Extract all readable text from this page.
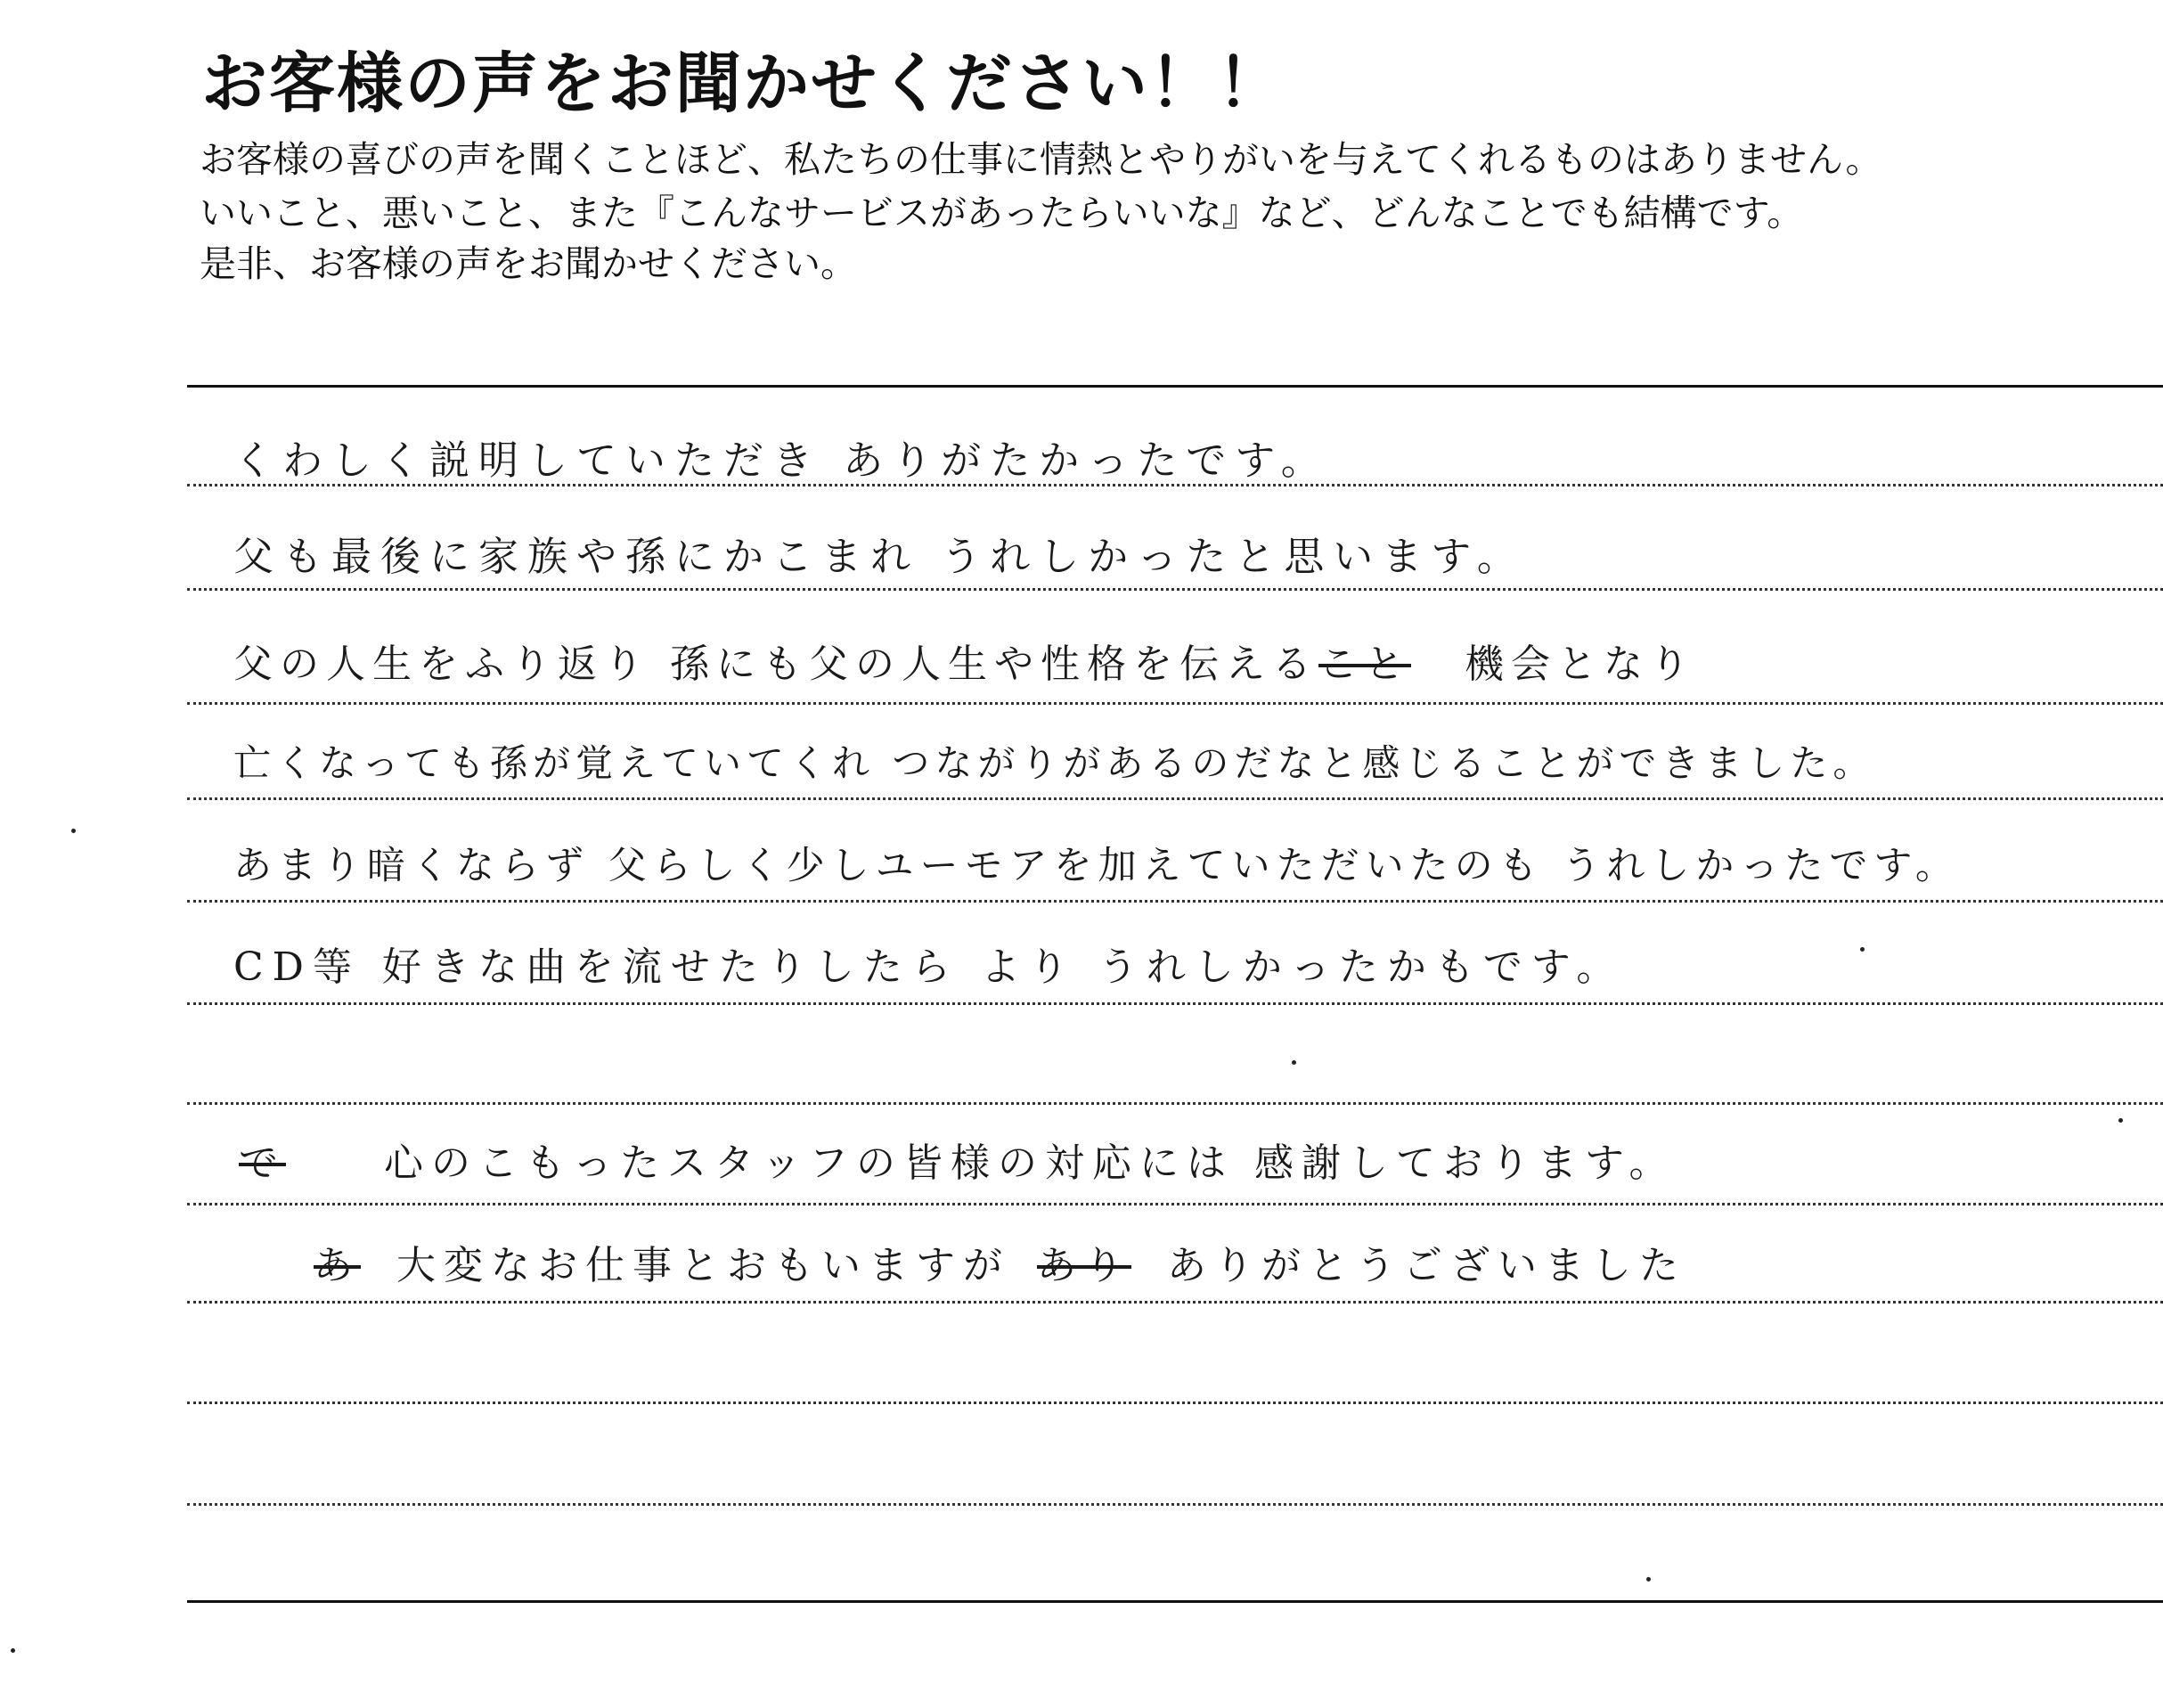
お客様の声をお聞かせください！！
お客様の喜びの声を聞くことほど、私たちの仕事に情熱とやりがいを与えてくれるものはありません。
いいこと、悪いこと、また『こんなサービスがあったらいいな』など、どんなことでも結構です。
是非、お客様の声をお聞かせください。
くわしく説明していただき ありがたかったです。
父も最後に家族や孫にかこまれ うれしかったと思います。
父の人生をふり返り 孫にも父の人生や性格を伝えること 機会となり
亡くなっても孫が覚えていてくれ つながりがあるのだなと感じることができました。
あまり暗くならず 父らしく少しユーモアを加えていただいたのも うれしかったです。
CD等 好きな曲を流せたりしたら より うれしかったかもです。
で	心のこもったスタッフの皆様の対応には 感謝しております。
あ 大変なお仕事とおもいますが あり ありがとうございました
